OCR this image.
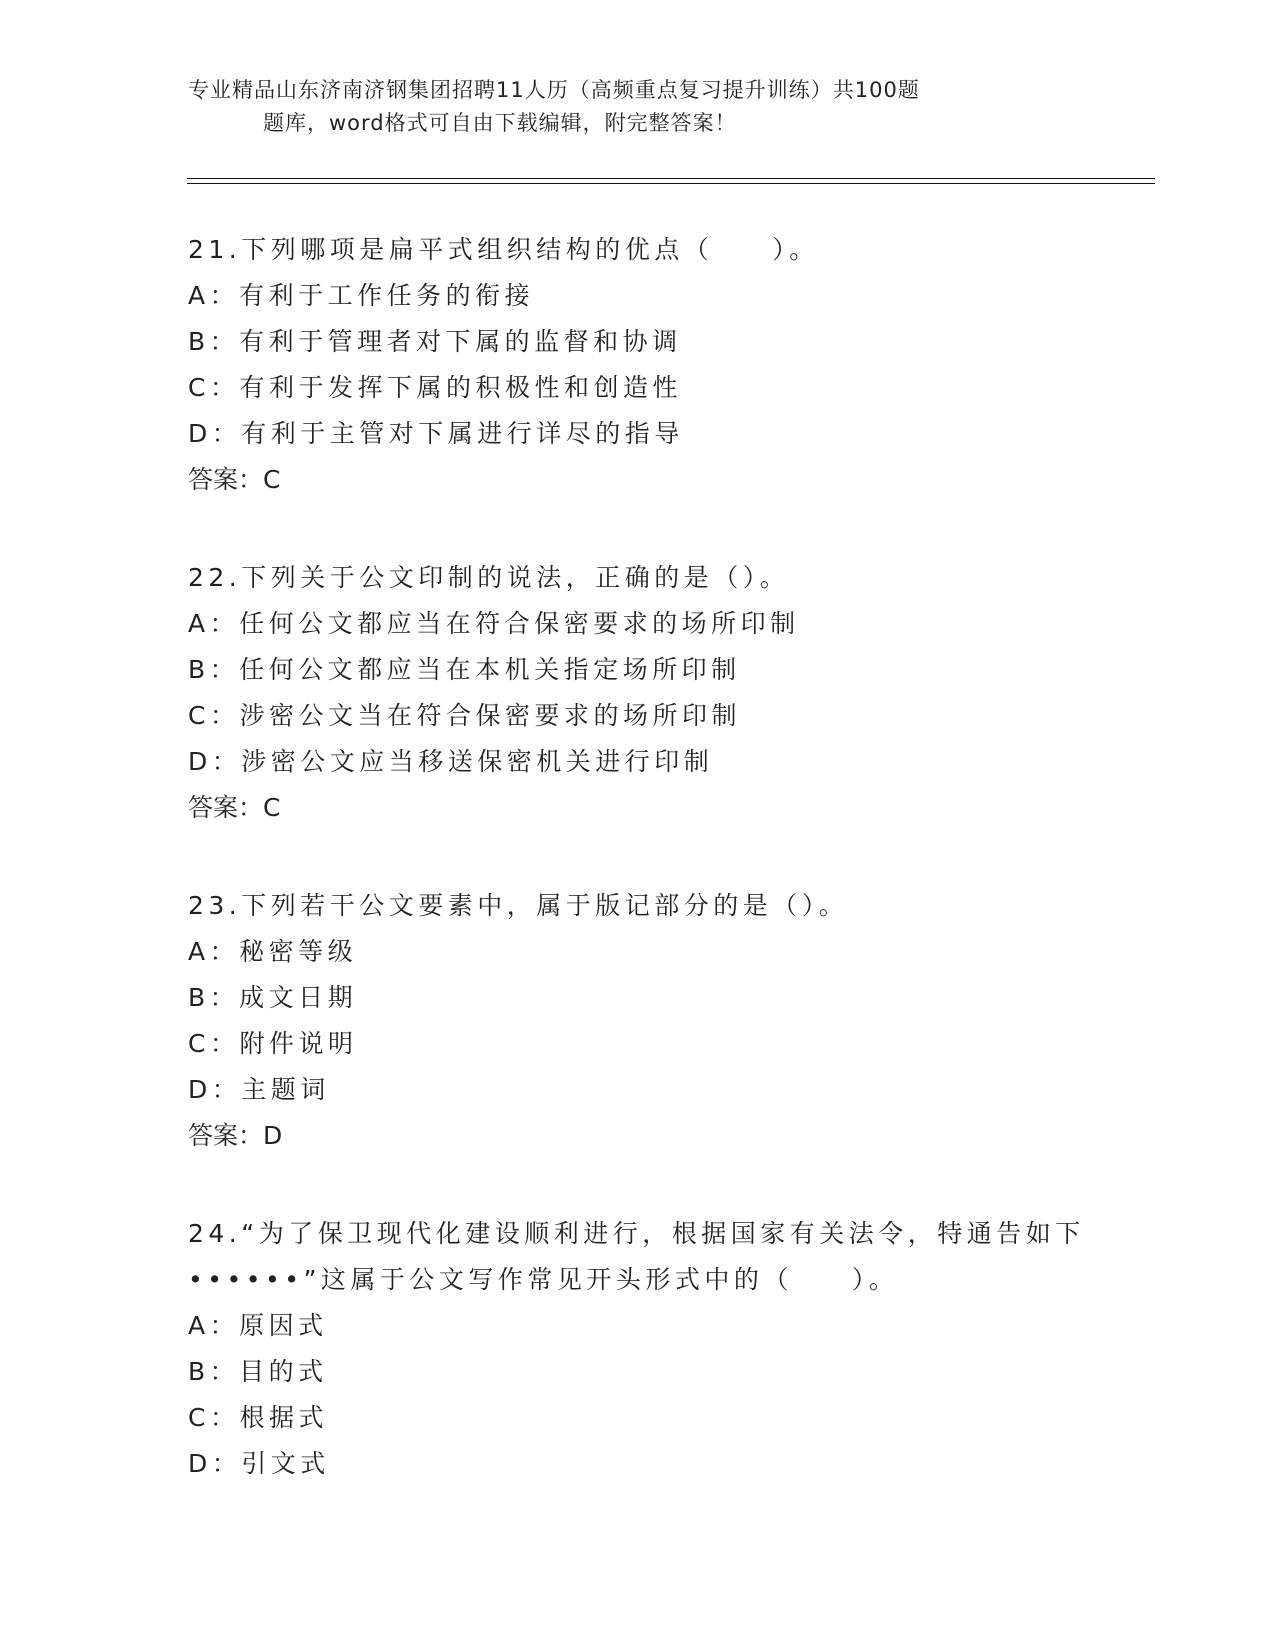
专业精品山东济南济钢集团招聘11人历（高频重点复习提升训练）共100题
题库，word格式可自由下载编辑，附完整答案！
21.下列哪项是扁平式组织结构的优点（　　）。
A：有利于工作任务的衔接
B：有利于管理者对下属的监督和协调
C：有利于发挥下属的积极性和创造性
D：有利于主管对下属进行详尽的指导
答案：C
22.下列关于公文印制的说法，正确的是（）。
A：任何公文都应当在符合保密要求的场所印制
B：任何公文都应当在本机关指定场所印制
C：涉密公文当在符合保密要求的场所印制
D：涉密公文应当移送保密机关进行印制
答案：C
23.下列若干公文要素中，属于版记部分的是（）。
A：秘密等级
B：成文日期
C：附件说明
D：主题词
答案：D
24.“为了保卫现代化建设顺利进行，根据国家有关法令，特通告如下
••••••”这属于公文写作常见开头形式中的（　　）。
A：原因式
B：目的式
C：根据式
D：引文式
